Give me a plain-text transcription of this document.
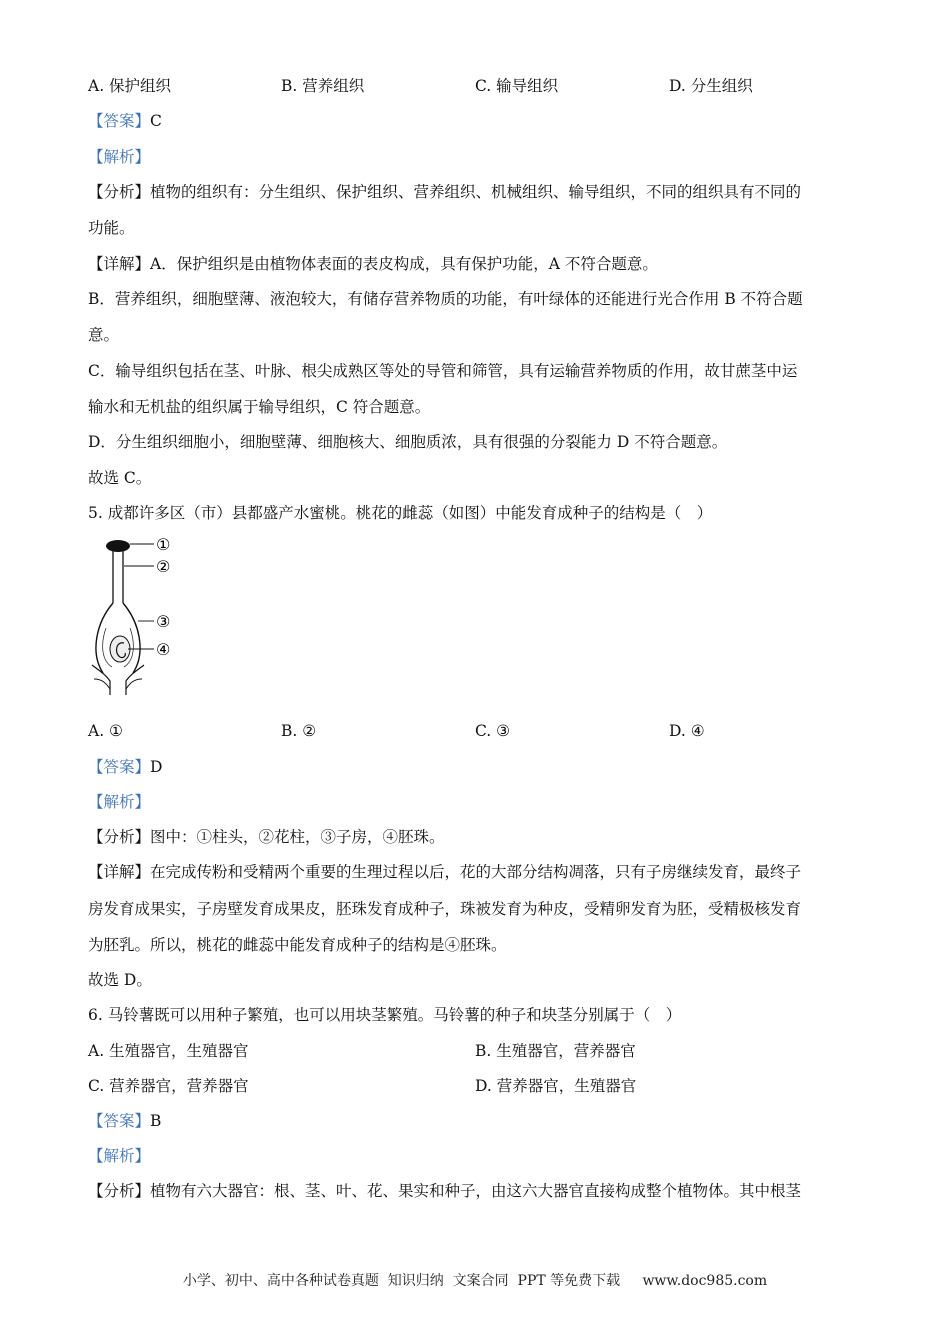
A. 保护组织	B. 营养组织	C. 输导组织	D. 分生组织
【答案】C
【解析】
【分析】植物的组织有：分生组织、保护组织、营养组织、机械组织、输导组织，不同的组织具有不同的
功能。
【详解】A．保护组织是由植物体表面的表皮构成，具有保护功能，A 不符合题意。
B．营养组织，细胞壁薄、液泡较大，有储存营养物质的功能，有叶绿体的还能进行光合作用 B 不符合题
意。
C．输导组织包括在茎、叶脉、根尖成熟区等处的导管和筛管，具有运输营养物质的作用，故甘蔗茎中运
输水和无机盐的组织属于输导组织，C 符合题意。
D．分生组织细胞小，细胞壁薄、细胞核大、细胞质浓，具有很强的分裂能力 D 不符合题意。
故选 C。
5. 成都许多区（市）县都盛产水蜜桃。桃花的雌蕊（如图）中能发育成种子的结构是（　）
①
②
③
④
A. ①	B. ②	C. ③	D. ④
【答案】D
【解析】
【分析】图中：①柱头，②花柱，③子房，④胚珠。
【详解】在完成传粉和受精两个重要的生理过程以后，花的大部分结构凋落，只有子房继续发育，最终子
房发育成果实，子房壁发育成果皮，胚珠发育成种子，珠被发育为种皮，受精卵发育为胚，受精极核发育
为胚乳。所以，桃花的雌蕊中能发育成种子的结构是④胚珠。
故选 D。
6. 马铃薯既可以用种子繁殖，也可以用块茎繁殖。马铃薯的种子和块茎分别属于（　）
A. 生殖器官，生殖器官	B. 生殖器官，营养器官
C. 营养器官，营养器官	D. 营养器官，生殖器官
【答案】B
【解析】
【分析】植物有六大器官：根、茎、叶、花、果实和种子，由这六大器官直接构成整个植物体。其中根茎
小学、初中、高中各种试卷真题  知识归纳  文案合同  PPT 等免费下载 www.doc985.com
